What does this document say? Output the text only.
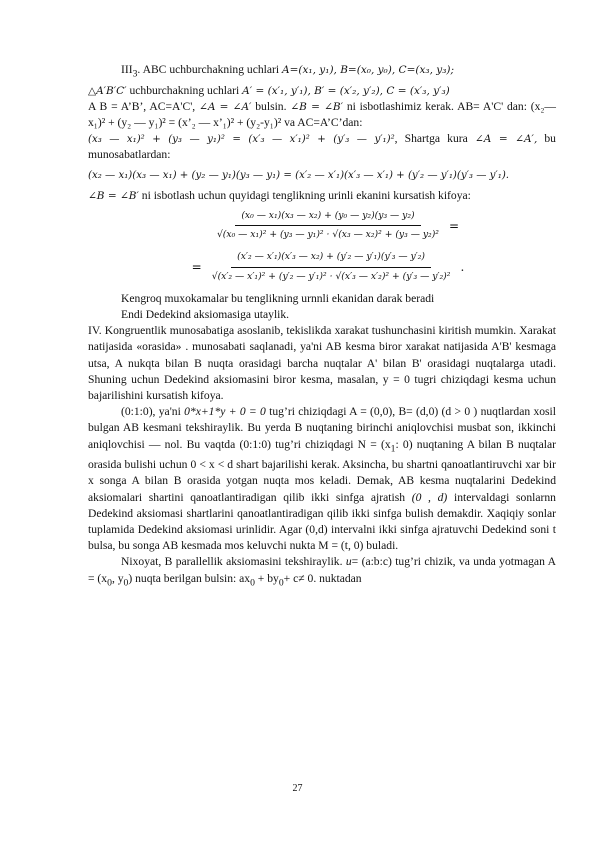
$III_3$. ABC uchburchakning uchlari A=(x₁, y₁), B=(x₀, y₀), C=(x₃, y₃);
△A′B′C′ uchburchakning uchlari A′ = (x′₁, y′₁), B′ = (x′₂, y′₂), C = (x′₃, y′₃)

A B = A’B’, AC=A'C', ∠A = ∠A′ bulsin. ∠B = ∠B′ ni isbotlashimiz kerak. AB= A'C' dan: (x₂— x₁)² + (y₂ — y₁)² = (x’₂ — x’₁)² + (y₂-y₁)² va AC=A’C’dan:

(x₃ — x₁)² + (y₃ — y₁)² = (x′₃ — x′₁)² + (y′₃ — y′₁)², Shartga kura ∠A = ∠A′, bu munosabatlardan:

(x₂ — x₁)(x₃ — x₁) + (y₂ — y₁)(y₃ — y₁) = (x′₂ — x′₁)(x′₃ — x′₁) + (y′₂ — y′₁)(y′₃ — y′₁).

∠B = ∠B′ ni isbotlash uchun quyidagi tenglikning urinli ekanini kursatish kifoya:

$\frac{\text{(x₀ — x₁)(x₃ — x₂) + (y₀ — y₂)(y₃ — y₂)}}{\text{√(x₀ — x₁)² + (y₃ — y₁)² · √(x₃ — x₂)² + (y₃ — y₂)²}}$ =
= $\frac{\text{(x′₂ — x′₁)(x′₃ — x₂) + (y′₂ — y′₁)(y′₃ — y′₂)}}{\text{√(x′₂ — x′₁)² + (y′₂ — y′₁)² · √(x′₃ — x′₂)² + (y′₃ — y′₂)²}}$ .

Kengroq muxokamalar bu tenglikning urnnli ekanidan darak beradi

Endi Dedekind aksiomasiga utaylik.

IV. Kongruentlik munosabatiga asoslanib, tekislikda xarakat tushunchasini kiritish mumkin. Xarakat natijasida «orasida» . munosabati saqlanadi, ya'ni AB kesma biror xarakat natijasida A'B' kesmaga utsa, A nukqta bilan B nuqta orasidagi barcha nuqtalar A' bilan B' orasidagi nuqtalarga utadi. Shuning uchun Dedekind aksiomasini biror kesma, masalan, y = 0 tugri chiziqdagi kesma uchun bajarilishini kursatish kifoya.

(0:1:0), ya'ni 0*x+1*y + 0 = 0 tug’ri chiziqdagi A = (0,0), B= (d,0) (d > 0 ) nuqtlardan xosil bulgan AB kesmani tekshiraylik. Bu yerda B nuqtaning birinchi aniqlovchisi musbat son, ikkinchi aniqlovchisi — nol. Bu vaqtda (0:1:0) tug’ri chiziqdagi $N = (x_1$: 0) nuqtaning A bilan B nuqtalar orasida bulishi uchun 0 < x < d shart bajarilishi kerak. Aksincha, bu shartni qanoatlantiruvchi xar bir x songa A bilan B orasida yotgan nuqta mos keladi. Demak, AB kesma nuqtalarini Dedekind aksiomalari shartini qanoatlantiradigan qilib ikki sinfga ajratish (0 , d) intervaldagi sonlarnn Dedekind aksiomasi shartlarini qanoatlantiradigan qilib ikki sinfga bulish demakdir. Xaqiqiy sonlar tuplamida Dedekind aksiomasi urinlidir. Agar (0,d) intervalni ikki sinfga ajratuvchi Dedekind soni t bulsa, bu songa AB kesmada mos keluvchi nukta M = (t, 0) buladi.

Nixoyat, B parallellik aksiomasini tekshiraylik. u= (a:b:c) tug’ri chizik, va unda yotmagan $A = (x_0$, $y_0$) nuqta berilgan bulsin: $ax_0 + by_0+ c\ne 0$. nuktadan

27
